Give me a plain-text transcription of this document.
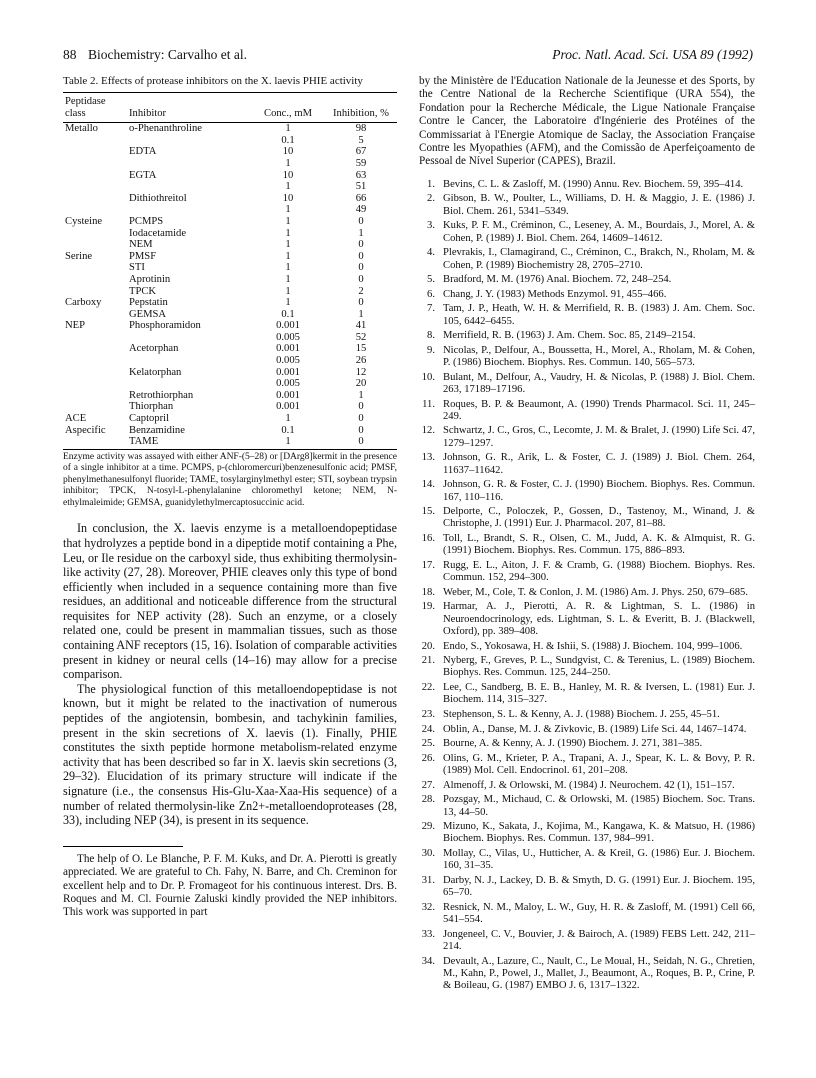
88 Biochemistry: Carvalho et al.	Proc. Natl. Acad. Sci. USA 89 (1992)
Table 2. Effects of protease inhibitors on the X. laevis PHIE activity
Peptidase class	Inhibitor	Conc., mM	Inhibition, %
Metallo	o-Phenanthroline	1	98
		0.1	5
	EDTA	10	67
		1	59
	EGTA	10	63
		1	51
	Dithiothreitol	10	66
		1	49
Cysteine	PCMPS	1	0
	Iodacetamide	1	1
	NEM	1	0
Serine	PMSF	1	0
	STI	1	0
	Aprotinin	1	0
	TPCK	1	2
Carboxy	Pepstatin	1	0
	GEMSA	0.1	1
NEP	Phosphoramidon	0.001	41
		0.005	52
	Acetorphan	0.001	15
		0.005	26
	Kelatorphan	0.001	12
		0.005	20
	Retrothiorphan	0.001	1
	Thiorphan	0.001	0
ACE	Captopril	1	0
Aspecific	Benzamidine	0.1	0
	TAME	1	0

Enzyme activity was assayed with either ANF-(5–28) or [DArg8]kermit in the presence of a single inhibitor at a time. PCMPS, p-(chloromercuri)benzenesulfonic acid; PMSF, phenylmethanesulfonyl fluoride; TAME, tosylarginylmethyl ester; STI, soybean trypsin inhibitor; TPCK, N-tosyl-L-phenylalanine chloromethyl ketone; NEM, N-ethylmaleimide; GEMSA, guanidylethylmercaptosuccinic acid.

In conclusion, the X. laevis enzyme is a metalloendopeptidase that hydrolyzes a peptide bond in a dipeptide motif containing a Phe, Leu, or Ile residue on the carboxyl side, thus exhibiting thermolysin-like activity (27, 28). Moreover, PHIE cleaves only this type of bond efficiently when included in a sequence containing more than five residues, an additional and noticeable difference from the structural requisites for NEP activity (28). Such an enzyme, or a closely related one, could be present in mammalian tissues, such as those containing ANF receptors (15, 16). Isolation of comparable activities present in kidney or neural cells (14–16) may allow for a precise comparison.

The physiological function of this metalloendopeptidase is not known, but it might be related to the inactivation of numerous peptides of the angiotensin, bombesin, and tachykinin families, present in the skin secretions of X. laevis (1). Finally, PHIE constitutes the sixth peptide hormone metabolism-related enzyme activity that has been described so far in X. laevis skin secretions (3, 29–32). Elucidation of its primary structure will indicate if the signature (i.e., the consensus His-Glu-Xaa-Xaa-His sequence) of a number of related thermolysin-like Zn2+-metalloendoproteases (28, 33), including NEP (34), is present in its sequence.

The help of O. Le Blanche, P. F. M. Kuks, and Dr. A. Pierotti is greatly appreciated. We are grateful to Ch. Fahy, N. Barre, and Ch. Creminon for excellent help and to Dr. P. Fromageot for his continuous interest. Drs. B. Roques and M. Cl. Fournie Zaluski kindly provided the NEP inhibitors. This work was supported in part

by the Ministère de l'Education Nationale de la Jeunesse et des Sports, by the Centre National de la Recherche Scientifique (URA 554), the Fondation pour la Recherche Médicale, the Ligue Nationale Française Contre le Cancer, the Laboratoire d'Ingénierie des Protéines of the Commissariat à l'Energie Atomique de Saclay, the Association Française Contre les Myopathies (AFM), and the Comissão de Aperfeiçoamento de Pessoal de Nível Superior (CAPES), Brazil.

1. Bevins, C. L. & Zasloff, M. (1990) Annu. Rev. Biochem. 59, 395–414.
2. Gibson, B. W., Poulter, L., Williams, D. H. & Maggio, J. E. (1986) J. Biol. Chem. 261, 5341–5349.
3. Kuks, P. F. M., Créminon, C., Leseney, A. M., Bourdais, J., Morel, A. & Cohen, P. (1989) J. Biol. Chem. 264, 14609–14612.
4. Plevrakis, I., Clamagirand, C., Créminon, C., Brakch, N., Rholam, M. & Cohen, P. (1989) Biochemistry 28, 2705–2710.
5. Bradford, M. M. (1976) Anal. Biochem. 72, 248–254.
6. Chang, J. Y. (1983) Methods Enzymol. 91, 455–466.
7. Tam, J. P., Heath, W. H. & Merrifield, R. B. (1983) J. Am. Chem. Soc. 105, 6442–6455.
8. Merrifield, R. B. (1963) J. Am. Chem. Soc. 85, 2149–2154.
9. Nicolas, P., Delfour, A., Boussetta, H., Morel, A., Rholam, M. & Cohen, P. (1986) Biochem. Biophys. Res. Commun. 140, 565–573.
10. Bulant, M., Delfour, A., Vaudry, H. & Nicolas, P. (1988) J. Biol. Chem. 263, 17189–17196.
11. Roques, B. P. & Beaumont, A. (1990) Trends Pharmacol. Sci. 11, 245–249.
12. Schwartz, J. C., Gros, C., Lecomte, J. M. & Bralet, J. (1990) Life Sci. 47, 1279–1297.
13. Johnson, G. R., Arik, L. & Foster, C. J. (1989) J. Biol. Chem. 264, 11637–11642.
14. Johnson, G. R. & Foster, C. J. (1990) Biochem. Biophys. Res. Commun. 167, 110–116.
15. Delporte, C., Poloczek, P., Gossen, D., Tastenoy, M., Winand, J. & Christophe, J. (1991) Eur. J. Pharmacol. 207, 81–88.
16. Toll, L., Brandt, S. R., Olsen, C. M., Judd, A. K. & Almquist, R. G. (1991) Biochem. Biophys. Res. Commun. 175, 886–893.
17. Rugg, E. L., Aiton, J. F. & Cramb, G. (1988) Biochem. Biophys. Res. Commun. 152, 294–300.
18. Weber, M., Cole, T. & Conlon, J. M. (1986) Am. J. Phys. 250, 679–685.
19. Harmar, A. J., Pierotti, A. R. & Lightman, S. L. (1986) in Neuroendocrinology, eds. Lightman, S. L. & Everitt, B. J. (Blackwell, Oxford), pp. 389–408.
20. Endo, S., Yokosawa, H. & Ishii, S. (1988) J. Biochem. 104, 999–1006.
21. Nyberg, F., Greves, P. L., Sundgvist, C. & Terenius, L. (1989) Biochem. Biophys. Res. Commun. 125, 244–250.
22. Lee, C., Sandberg, B. E. B., Hanley, M. R. & Iversen, L. (1981) Eur. J. Biochem. 114, 315–327.
23. Stephenson, S. L. & Kenny, A. J. (1988) Biochem. J. 255, 45–51.
24. Oblin, A., Danse, M. J. & Zivkovic, B. (1989) Life Sci. 44, 1467–1474.
25. Bourne, A. & Kenny, A. J. (1990) Biochem. J. 271, 381–385.
26. Olins, G. M., Krieter, P. A., Trapani, A. J., Spear, K. L. & Bovy, P. R. (1989) Mol. Cell. Endocrinol. 61, 201–208.
27. Almenoff, J. & Orlowski, M. (1984) J. Neurochem. 42 (1), 151–157.
28. Pozsgay, M., Michaud, C. & Orlowski, M. (1985) Biochem. Soc. Trans. 13, 44–50.
29. Mizuno, K., Sakata, J., Kojima, M., Kangawa, K. & Matsuo, H. (1986) Biochem. Biophys. Res. Commun. 137, 984–991.
30. Mollay, C., Vilas, U., Hutticher, A. & Kreil, G. (1986) Eur. J. Biochem. 160, 31–35.
31. Darby, N. J., Lackey, D. B. & Smyth, D. G. (1991) Eur. J. Biochem. 195, 65–70.
32. Resnick, N. M., Maloy, L. W., Guy, H. R. & Zasloff, M. (1991) Cell 66, 541–554.
33. Jongeneel, C. V., Bouvier, J. & Bairoch, A. (1989) FEBS Lett. 242, 211–214.
34. Devault, A., Lazure, C., Nault, C., Le Moual, H., Seidah, N. G., Chretien, M., Kahn, P., Powel, J., Mallet, J., Beaumont, A., Roques, B. P., Crine, P. & Boileau, G. (1987) EMBO J. 6, 1317–1322.
